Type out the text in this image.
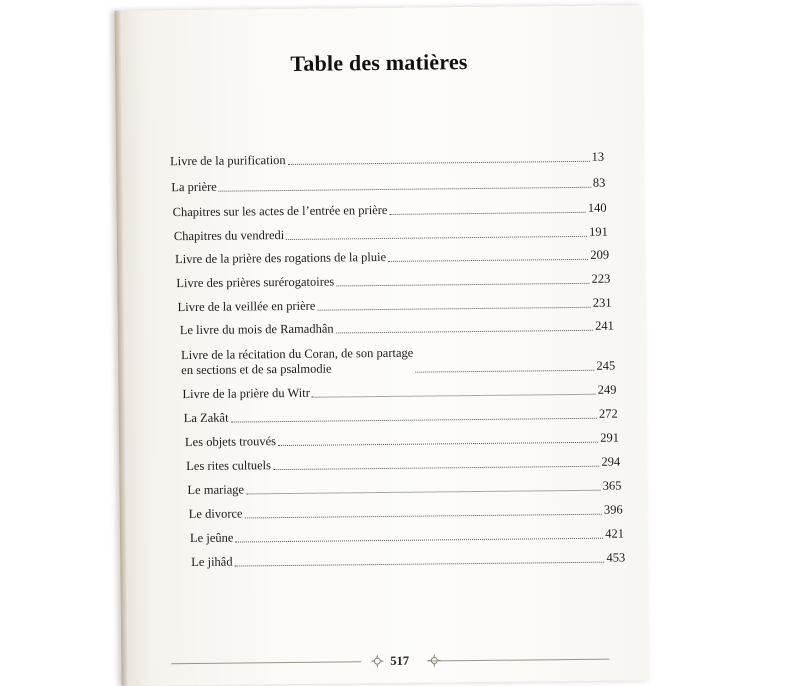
Table des matières
Livre de la purification	13
La prière	83
Chapitres sur les actes de l’entrée en prière	140
Chapitres du vendredi	191
Livre de la prière des rogations de la pluie	209
Livre des prières surérogatoires	223
Livre de la veillée en prière	231
Le livre du mois de Ramadhân	241
Livre de la récitation du Coran, de son partage
en sections et de sa psalmodie	245
Livre de la prière du Witr	249
La Zakât	272
Les objets trouvés	291
Les rites cultuels	294
Le mariage	365
Le divorce	396
Le jeûne	421
Le jihâd	453
517
